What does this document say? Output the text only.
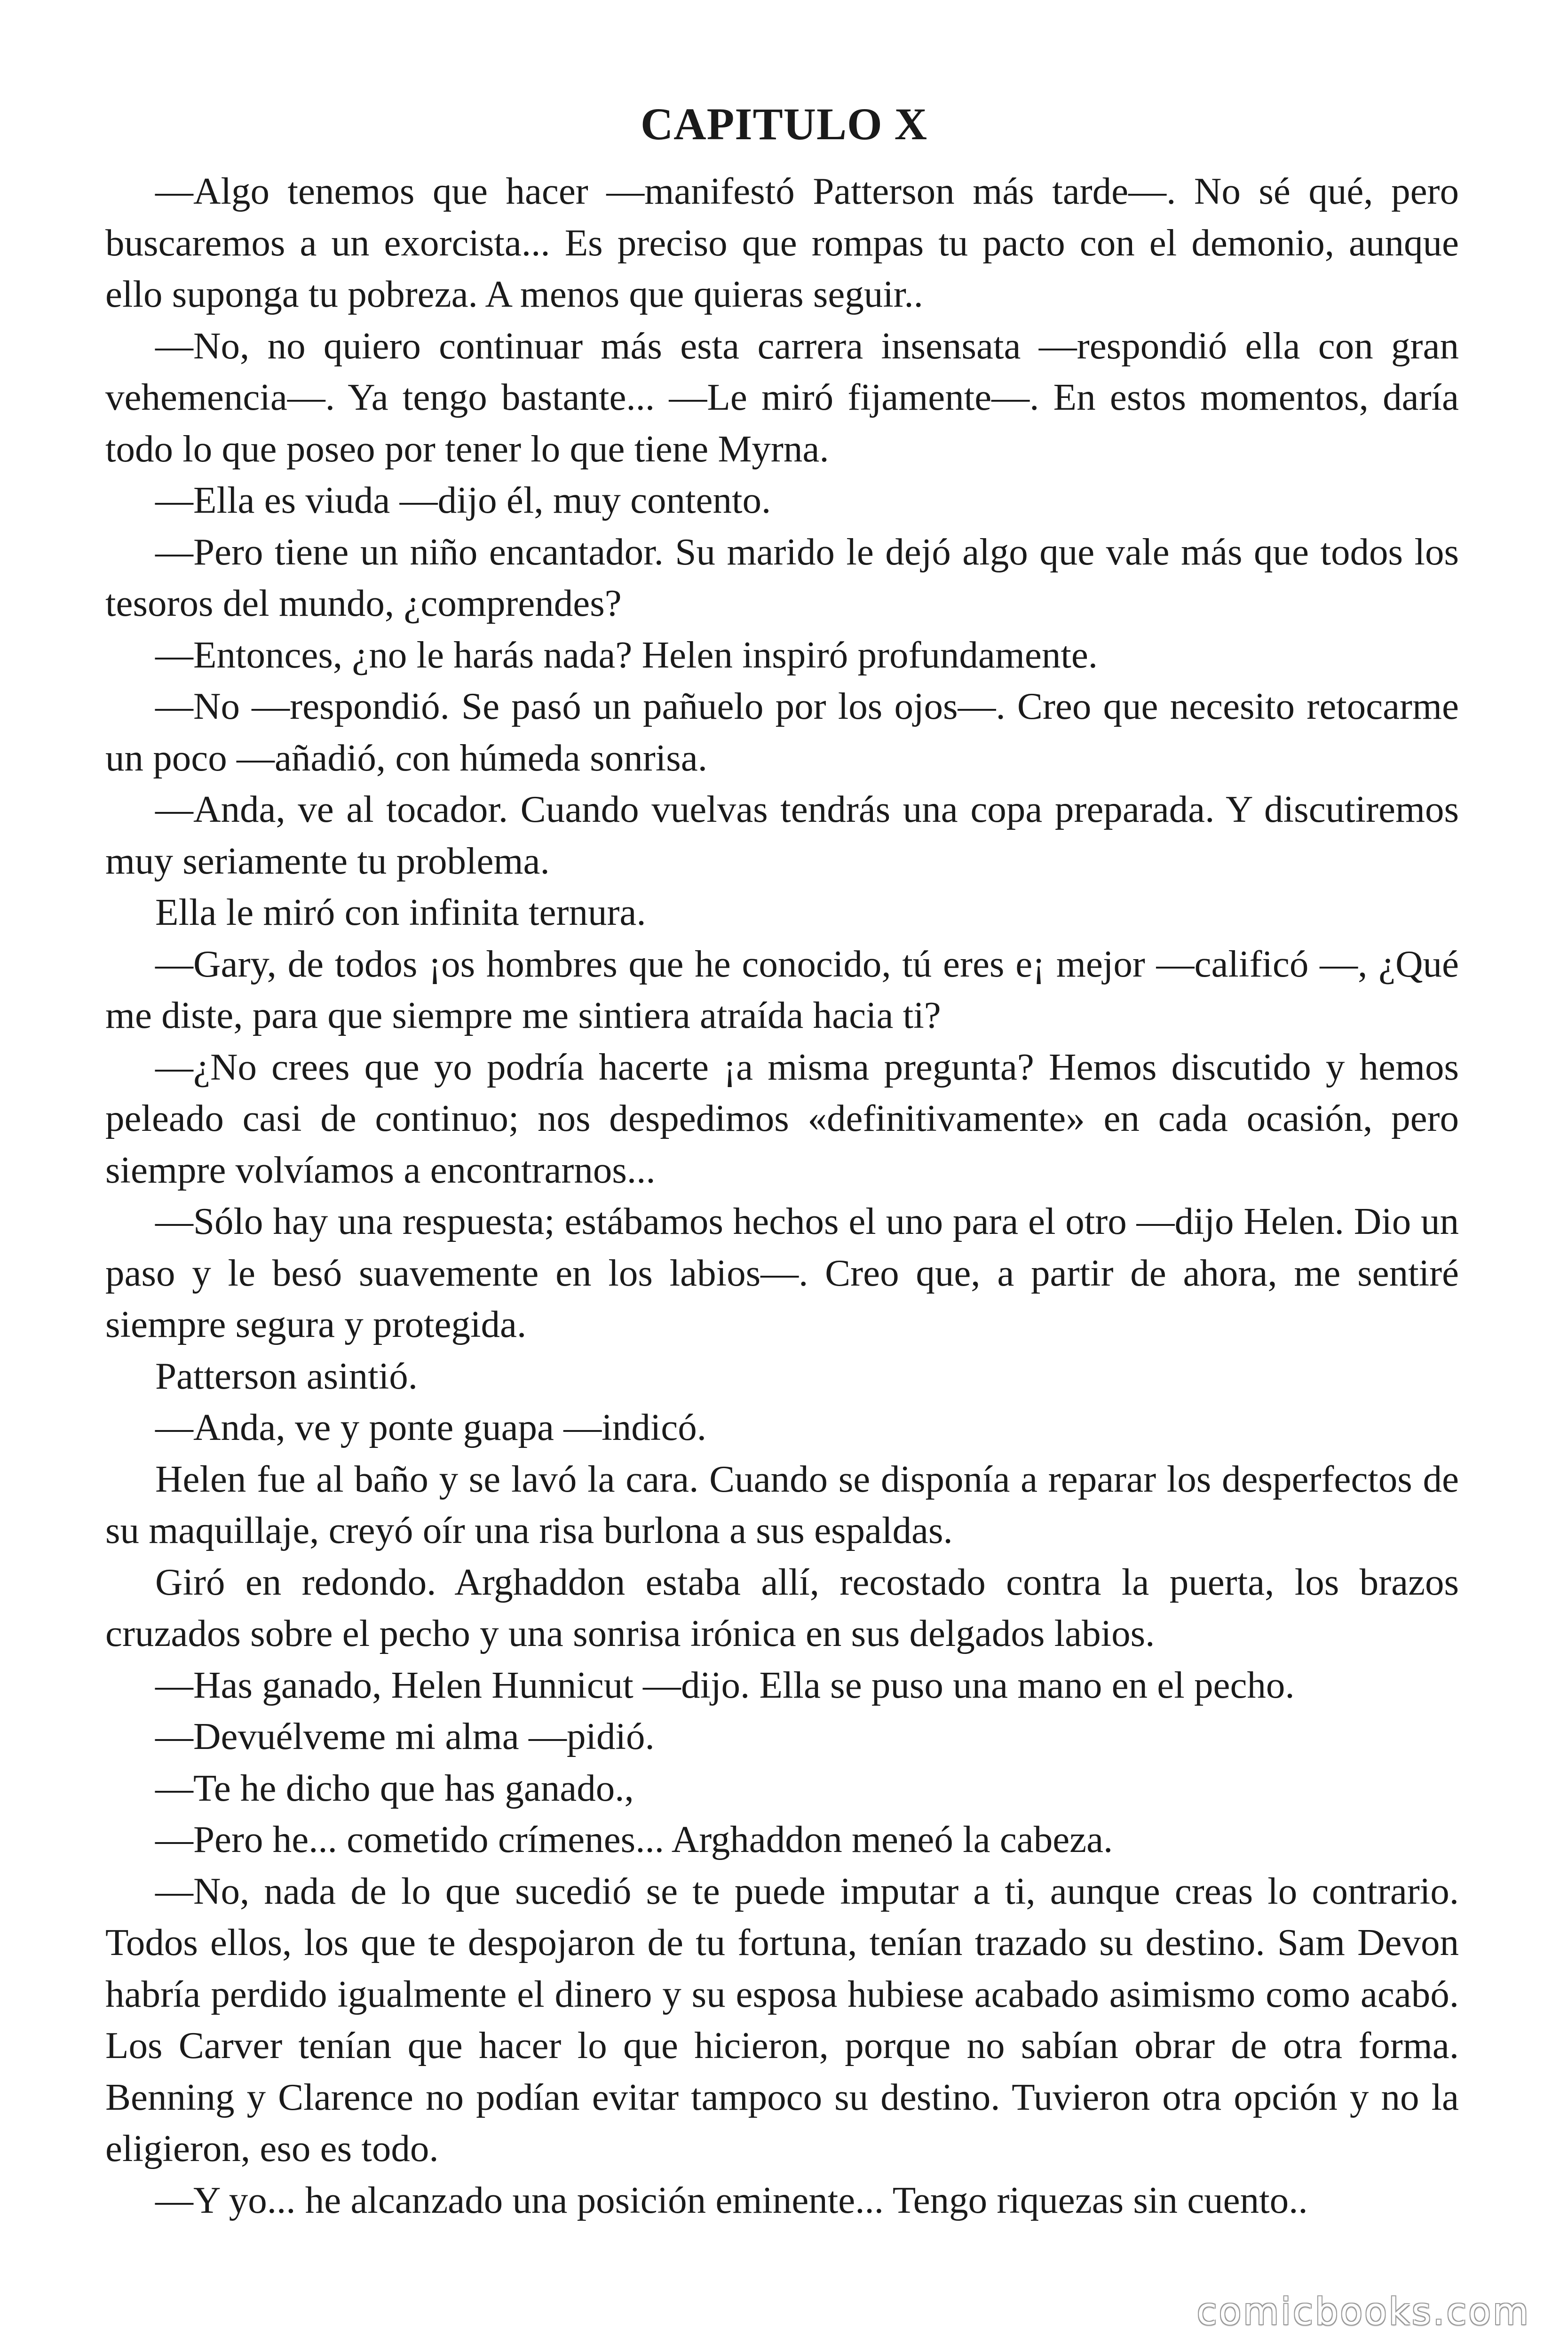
CAPITULO X

—Algo tenemos que hacer —manifestó Patterson más tarde—. No sé qué, pero buscaremos a un exorcista... Es preciso que rompas tu pacto con el demonio, aunque ello suponga tu pobreza. A menos que quieras seguir..

—No, no quiero continuar más esta carrera insensata —respondió ella con gran vehemencia—. Ya tengo bastante... —Le miró fijamente—. En estos momentos, daría todo lo que poseo por tener lo que tiene Myrna.

—Ella es viuda —dijo él, muy contento.

—Pero tiene un niño encantador. Su marido le dejó algo que vale más que todos los tesoros del mundo, ¿comprendes?

—Entonces, ¿no le harás nada? Helen inspiró profundamente.

—No —respondió. Se pasó un pañuelo por los ojos—. Creo que necesito retocarme un poco —añadió, con húmeda sonrisa.

—Anda, ve al tocador. Cuando vuelvas tendrás una copa preparada. Y discutiremos muy seriamente tu problema.

Ella le miró con infinita ternura.

—Gary, de todos ¡os hombres que he conocido, tú eres e¡ mejor —calificó —, ¿Qué me diste, para que siempre me sintiera atraída hacia ti?

—¿No crees que yo podría hacerte ¡a misma pregunta? Hemos discutido y hemos peleado casi de continuo; nos despedimos «definitivamente» en cada ocasión, pero siempre volvíamos a encontrarnos...

—Sólo hay una respuesta; estábamos hechos el uno para el otro —dijo Helen. Dio un paso y le besó suavemente en los labios—. Creo que, a partir de ahora, me sentiré siempre segura y protegida.

Patterson asintió.

—Anda, ve y ponte guapa —indicó.

Helen fue al baño y se lavó la cara. Cuando se disponía a reparar los desperfectos de su maquillaje, creyó oír una risa burlona a sus espaldas.

Giró en redondo. Arghaddon estaba allí, recostado contra la puerta, los brazos cruzados sobre el pecho y una sonrisa irónica en sus delgados labios.

—Has ganado, Helen Hunnicut —dijo. Ella se puso una mano en el pecho.

—Devuélveme mi alma —pidió.

—Te he dicho que has ganado.,

—Pero he... cometido crímenes... Arghaddon meneó la cabeza.

—No, nada de lo que sucedió se te puede imputar a ti, aunque creas lo contrario. Todos ellos, los que te despojaron de tu fortuna, tenían trazado su destino. Sam Devon habría perdido igualmente el dinero y su esposa hubiese acabado asimismo como acabó. Los Carver tenían que hacer lo que hicieron, porque no sabían obrar de otra forma. Benning y Clarence no podían evitar tampoco su destino. Tuvieron otra opción y no la eligieron, eso es todo.

—Y yo... he alcanzado una posición eminente... Tengo riquezas sin cuento..

comicbooks.com
